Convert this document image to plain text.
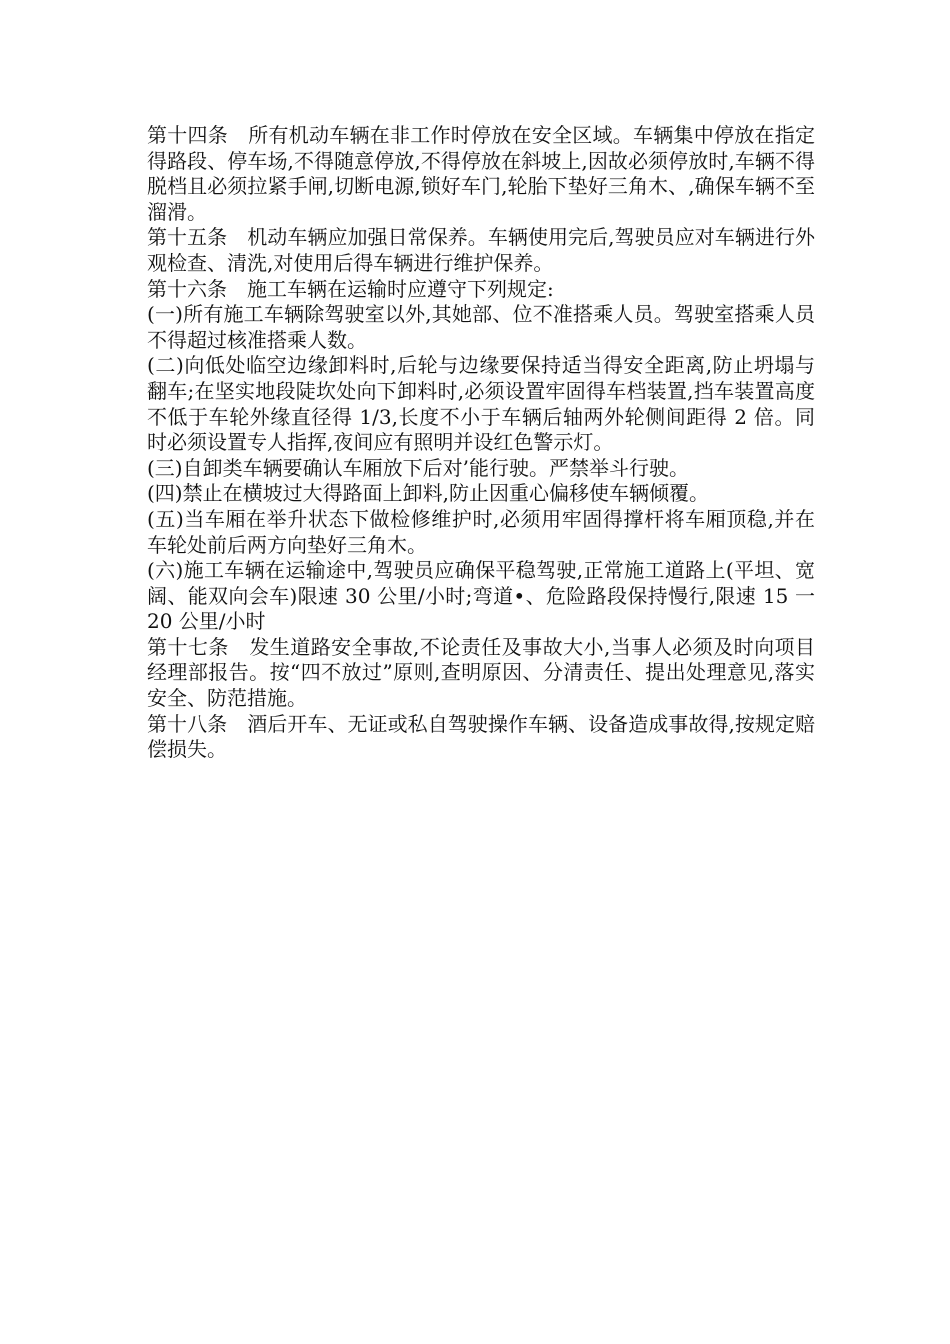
第十四条　所有机动车辆在非工作时停放在安全区域。车辆集中停放在指定得路段、停车场,不得随意停放,不得停放在斜坡上,因故必须停放时,车辆不得脱档且必须拉紧手闸,切断电源,锁好车门,轮胎下垫好三角木、,确保车辆不至溜滑。

第十五条　机动车辆应加强日常保养。车辆使用完后,驾驶员应对车辆进行外观检查、清洗,对使用后得车辆进行维护保养。

第十六条　施工车辆在运输时应遵守下列规定:

(一)所有施工车辆除驾驶室以外,其她部、位不准搭乘人员。驾驶室搭乘人员不得超过核准搭乘人数。

(二)向低处临空边缘卸料时,后轮与边缘要保持适当得安全距离,防止坍塌与翻车;在坚实地段陡坎处向下卸料时,必须设置牢固得车档装置,挡车装置高度不低于车轮外缘直径得 1/3,长度不小于车辆后轴两外轮侧间距得 2 倍。同时必须设置专人指挥,夜间应有照明并设红色警示灯。

(三)自卸类车辆要确认车厢放下后对’能行驶。严禁举斗行驶。

(四)禁止在横坡过大得路面上卸料,防止因重心偏移使车辆倾覆。

(五)当车厢在举升状态下做检修维护时,必须用牢固得撑杆将车厢顶稳,并在车轮处前后两方向垫好三角木。

(六)施工车辆在运输途中,驾驶员应确保平稳驾驶,正常施工道路上(平坦、宽阔、能双向会车)限速 30 公里/小时;弯道•、危险路段保持慢行,限速 15 一 20 公里/小时

第十七条　发生道路安全事故,不论责任及事故大小,当事人必须及时向项目经理部报告。按“四不放过”原则,查明原因、分清责任、提出处理意见,落实安全、防范措施。

第十八条　酒后开车、无证或私自驾驶操作车辆、设备造成事故得,按规定赔偿损失。
